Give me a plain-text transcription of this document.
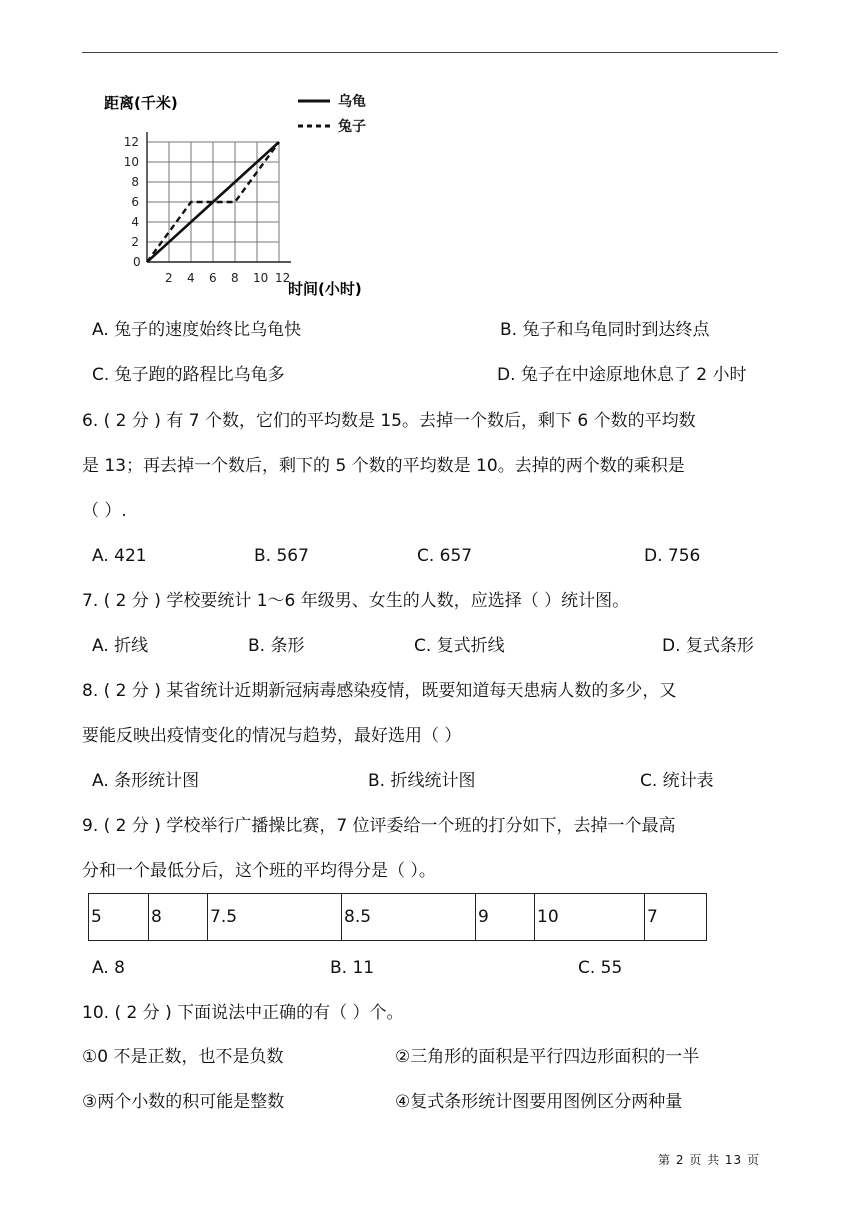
0
2 4 6 8 10 12
2
4
6
8
10
12
距离(千米)
时间(小时)
乌龟
兔子
A. 兔子的速度始终比乌龟快	B. 兔子和乌龟同时到达终点
C. 兔子跑的路程比乌龟多	D. 兔子在中途原地休息了 2 小时
6. ( 2 分 ) 有 7 个数，它们的平均数是 15。去掉一个数后，剩下 6 个数的平均数
是 13；再去掉一个数后，剩下的 5 个数的平均数是 10。去掉的两个数的乘积是
（ ）.
A. 421	B. 567	C. 657	D. 756
7. ( 2 分 ) 学校要统计 1～6 年级男、女生的人数，应选择（ ）统计图。
A. 折线	B. 条形	C. 复式折线	D. 复式条形
8. ( 2 分 ) 某省统计近期新冠病毒感染疫情，既要知道每天患病人数的多少，又
要能反映出疫情变化的情况与趋势，最好选用（ ）
A. 条形统计图	B. 折线统计图	C. 统计表
9. ( 2 分 ) 学校举行广播操比赛，7 位评委给一个班的打分如下，去掉一个最高
分和一个最低分后，这个班的平均得分是（ ）。
5	8	7.5	8.5	9	10	7
A. 8	B. 11	C. 55
10. ( 2 分 ) 下面说法中正确的有（ ）个。
①0 不是正数，也不是负数	②三角形的面积是平行四边形面积的一半
③两个小数的积可能是整数	④复式条形统计图要用图例区分两种量
第 2 页 共 13 页
